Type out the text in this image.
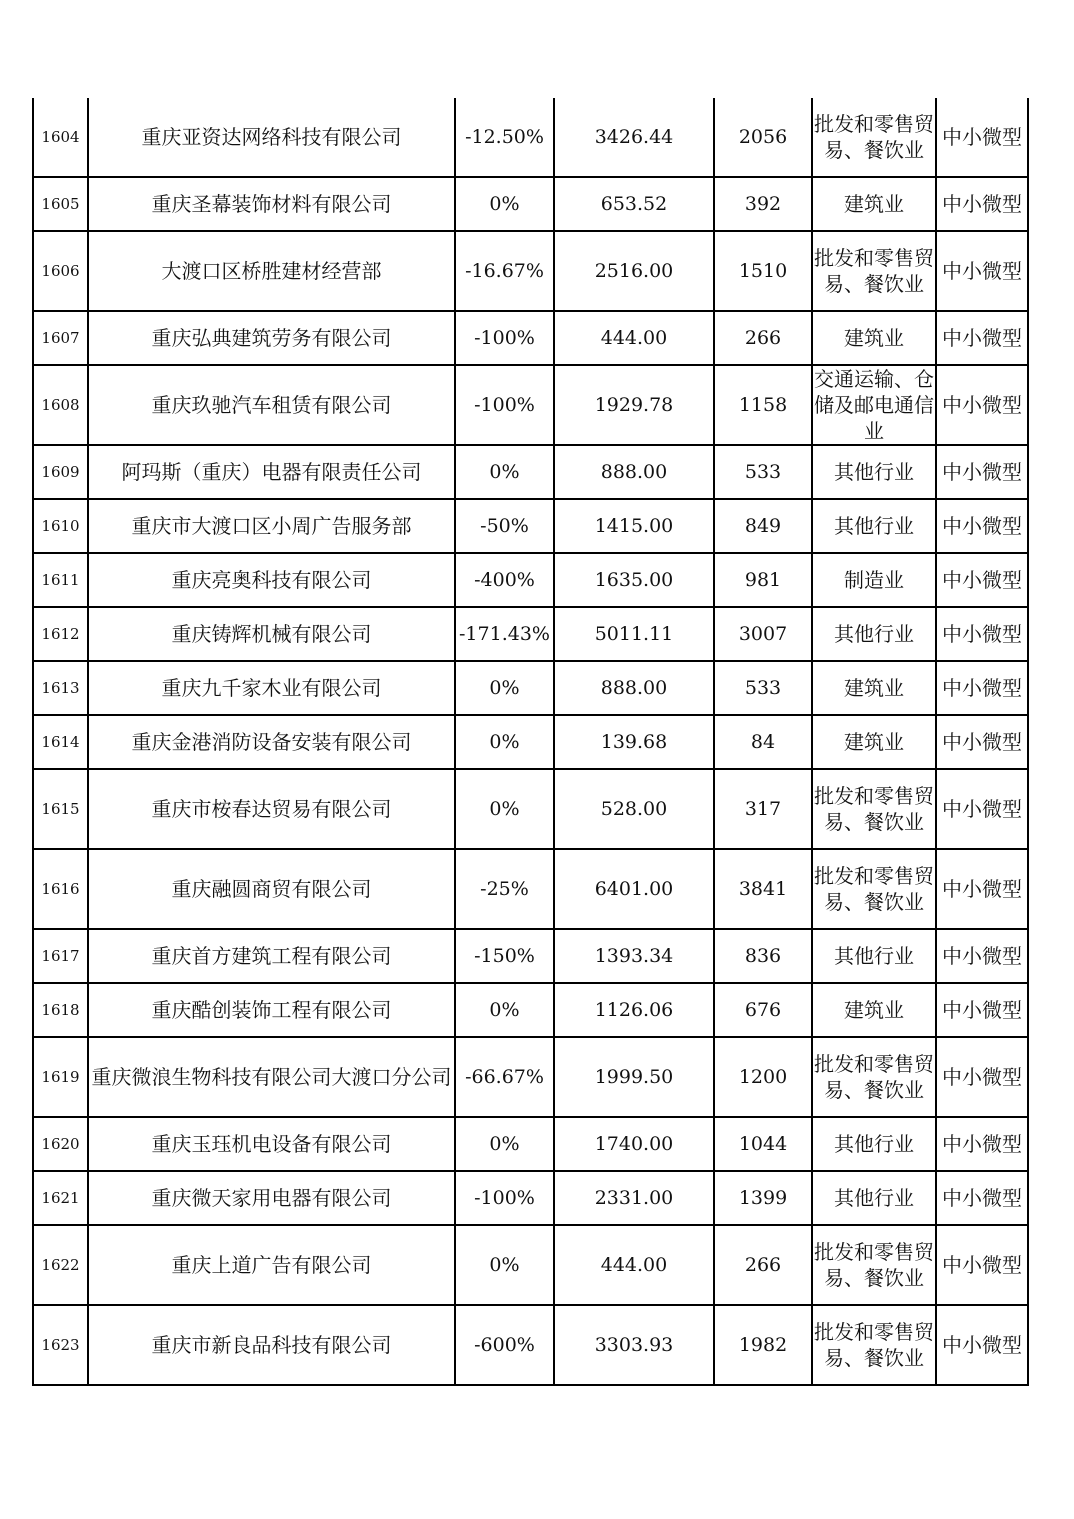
1604	重庆亚资达网络科技有限公司	-12.50%	3426.44	2056	批发和零售贸易、餐饮业	中小微型
1605	重庆圣幕装饰材料有限公司	0%	653.52	392	建筑业	中小微型
1606	大渡口区桥胜建材经营部	-16.67%	2516.00	1510	批发和零售贸易、餐饮业	中小微型
1607	重庆弘典建筑劳务有限公司	-100%	444.00	266	建筑业	中小微型
1608	重庆玖驰汽车租赁有限公司	-100%	1929.78	1158	交通运输、仓储及邮电通信业	中小微型
1609	阿玛斯（重庆）电器有限责任公司	0%	888.00	533	其他行业	中小微型
1610	重庆市大渡口区小周广告服务部	-50%	1415.00	849	其他行业	中小微型
1611	重庆亮奥科技有限公司	-400%	1635.00	981	制造业	中小微型
1612	重庆铸辉机械有限公司	-171.43%	5011.11	3007	其他行业	中小微型
1613	重庆九千家木业有限公司	0%	888.00	533	建筑业	中小微型
1614	重庆金港消防设备安装有限公司	0%	139.68	84	建筑业	中小微型
1615	重庆市桉春达贸易有限公司	0%	528.00	317	批发和零售贸易、餐饮业	中小微型
1616	重庆融圆商贸有限公司	-25%	6401.00	3841	批发和零售贸易、餐饮业	中小微型
1617	重庆首方建筑工程有限公司	-150%	1393.34	836	其他行业	中小微型
1618	重庆酷创装饰工程有限公司	0%	1126.06	676	建筑业	中小微型
1619	重庆微浪生物科技有限公司大渡口分公司	-66.67%	1999.50	1200	批发和零售贸易、餐饮业	中小微型
1620	重庆玉珏机电设备有限公司	0%	1740.00	1044	其他行业	中小微型
1621	重庆微天家用电器有限公司	-100%	2331.00	1399	其他行业	中小微型
1622	重庆上道广告有限公司	0%	444.00	266	批发和零售贸易、餐饮业	中小微型
1623	重庆市新良品科技有限公司	-600%	3303.93	1982	批发和零售贸易、餐饮业	中小微型
